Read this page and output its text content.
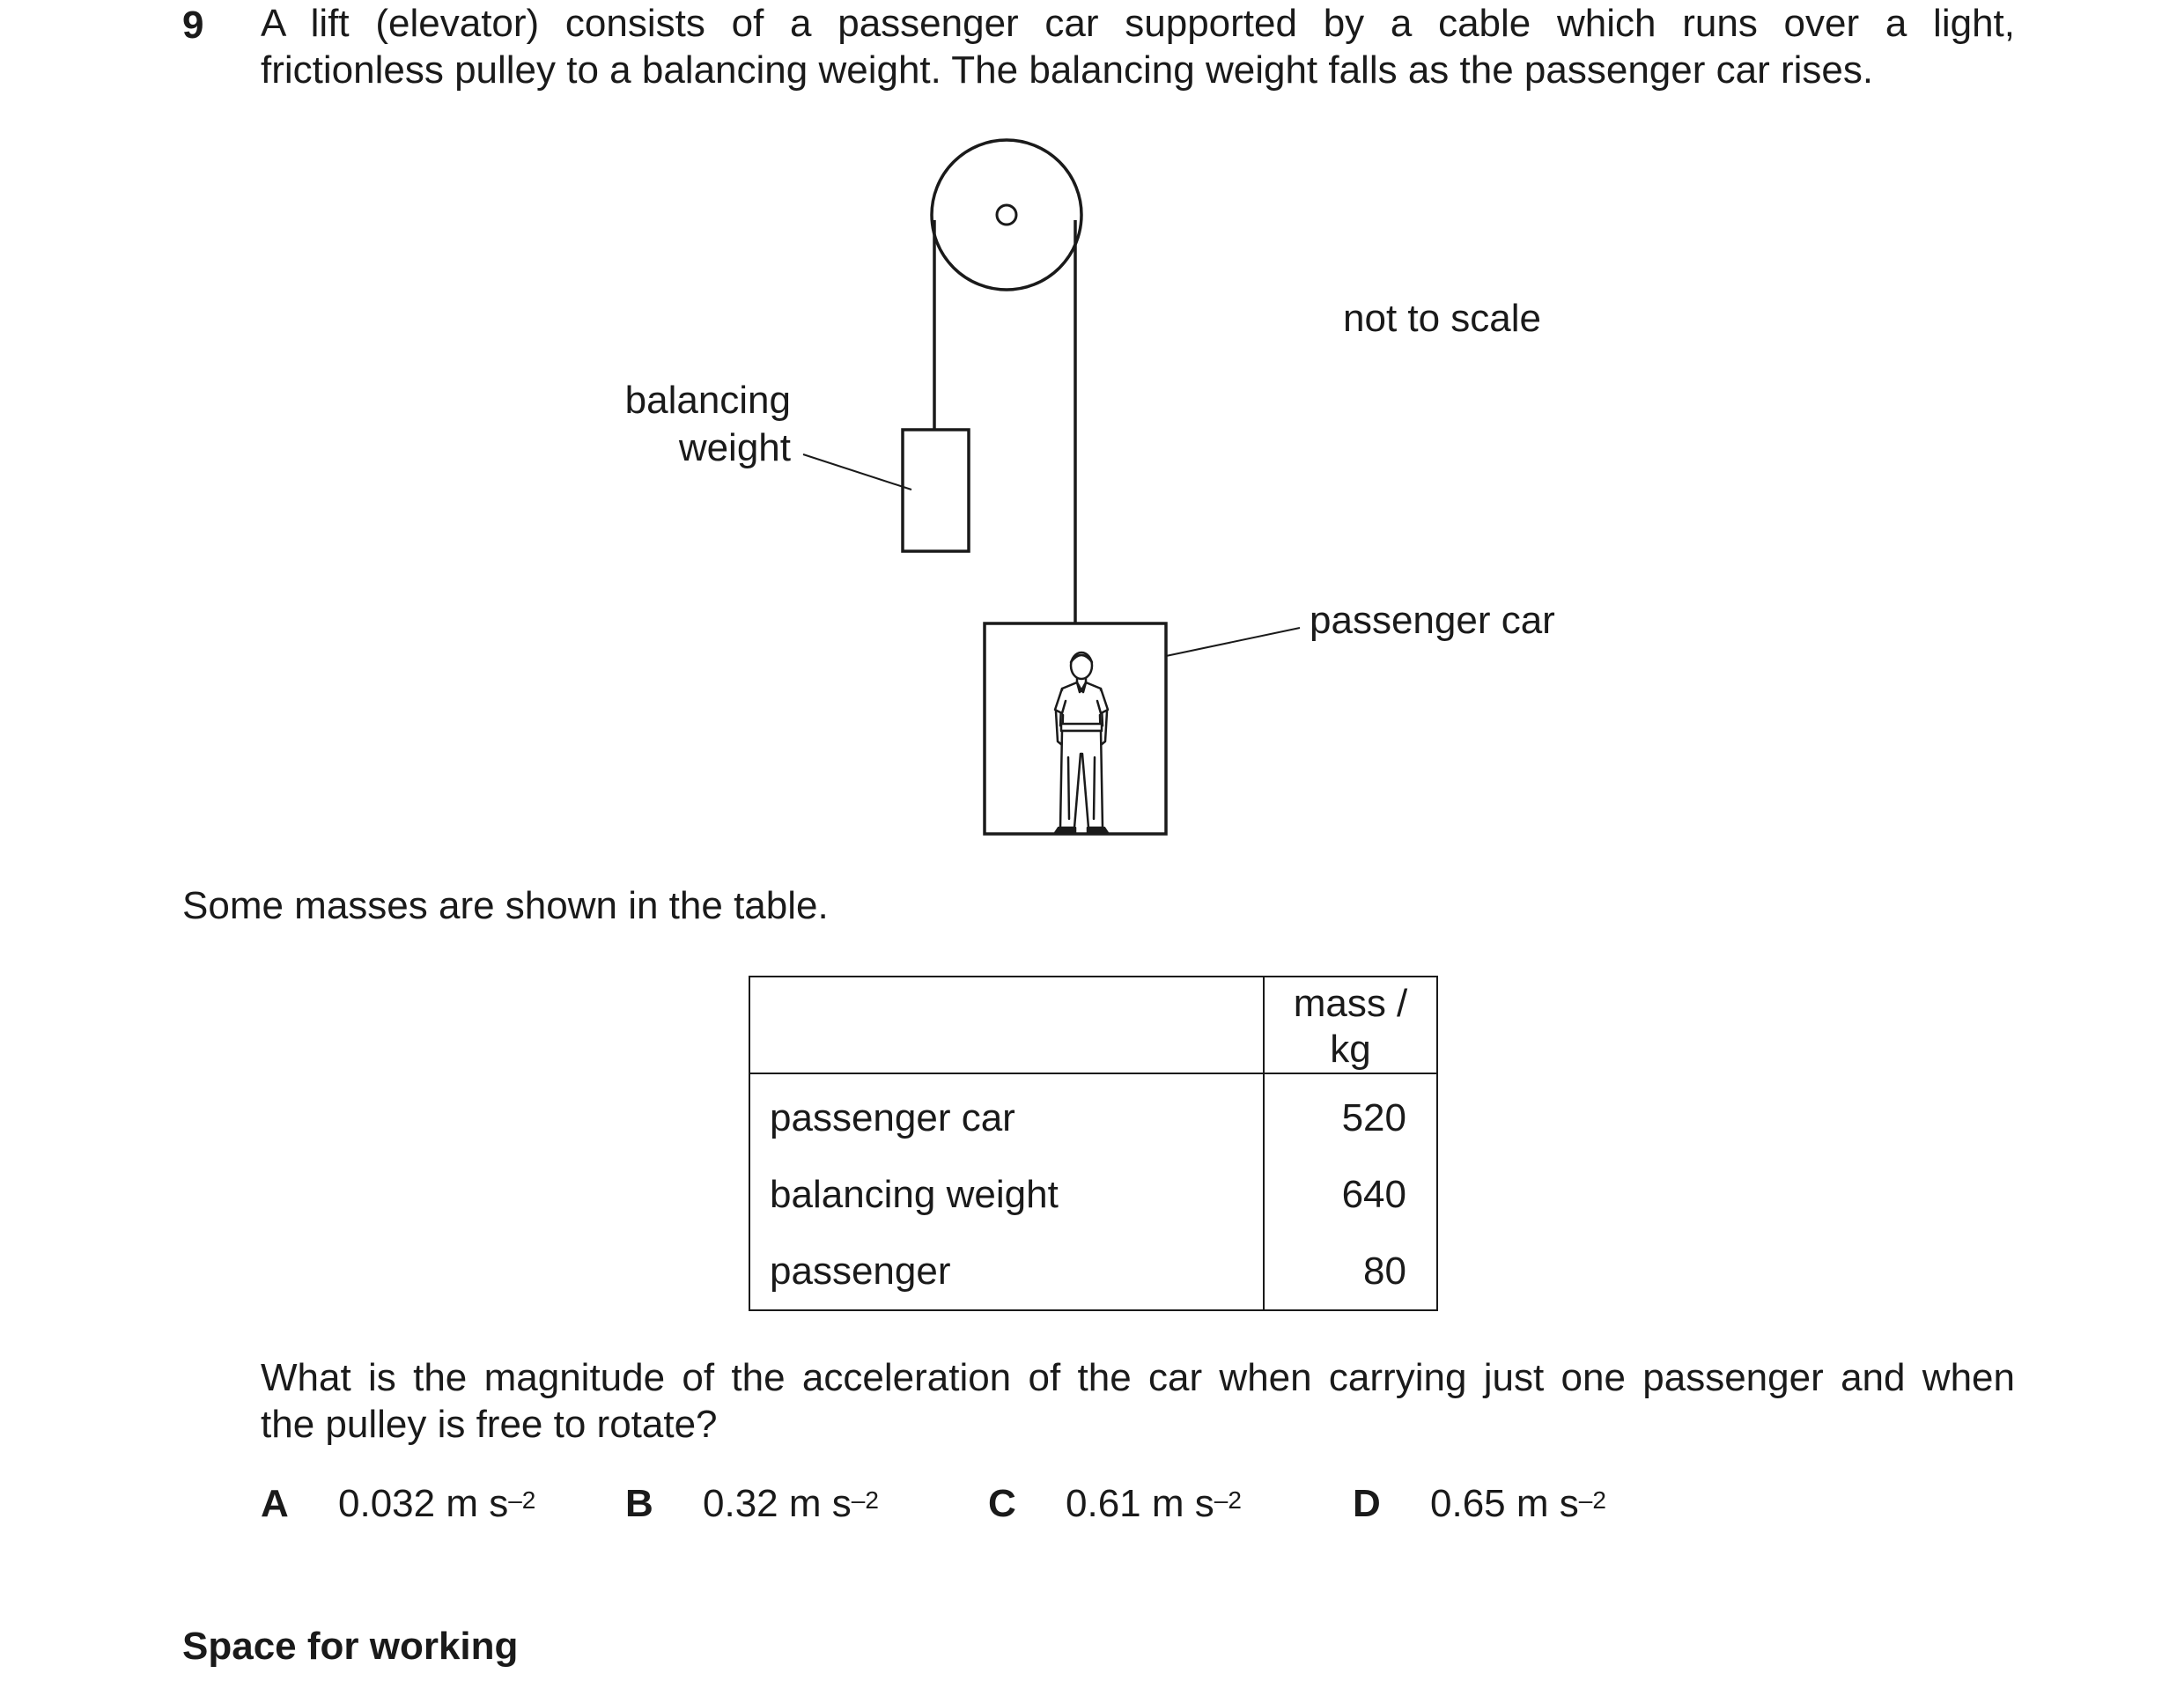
9 A lift (elevator) consists of a passenger car supported by a cable which runs over a light,
frictionless pulley to a balancing weight. The balancing weight falls as the passenger car rises.
balancing
weight
not to scale
passenger car
Some masses are shown in the table.

	mass /
kg

passenger car	520
balancing weight	640
passenger	80
What is the magnitude of the acceleration of the car when carrying just one passenger and when
the pulley is free to rotate?
A 0.032 m $s^{-2}$ B 0.32 m $s^{-2}$	C 0.61 m $s^{-2}$	D 0.65 m $s^{-2}$
Space for working
